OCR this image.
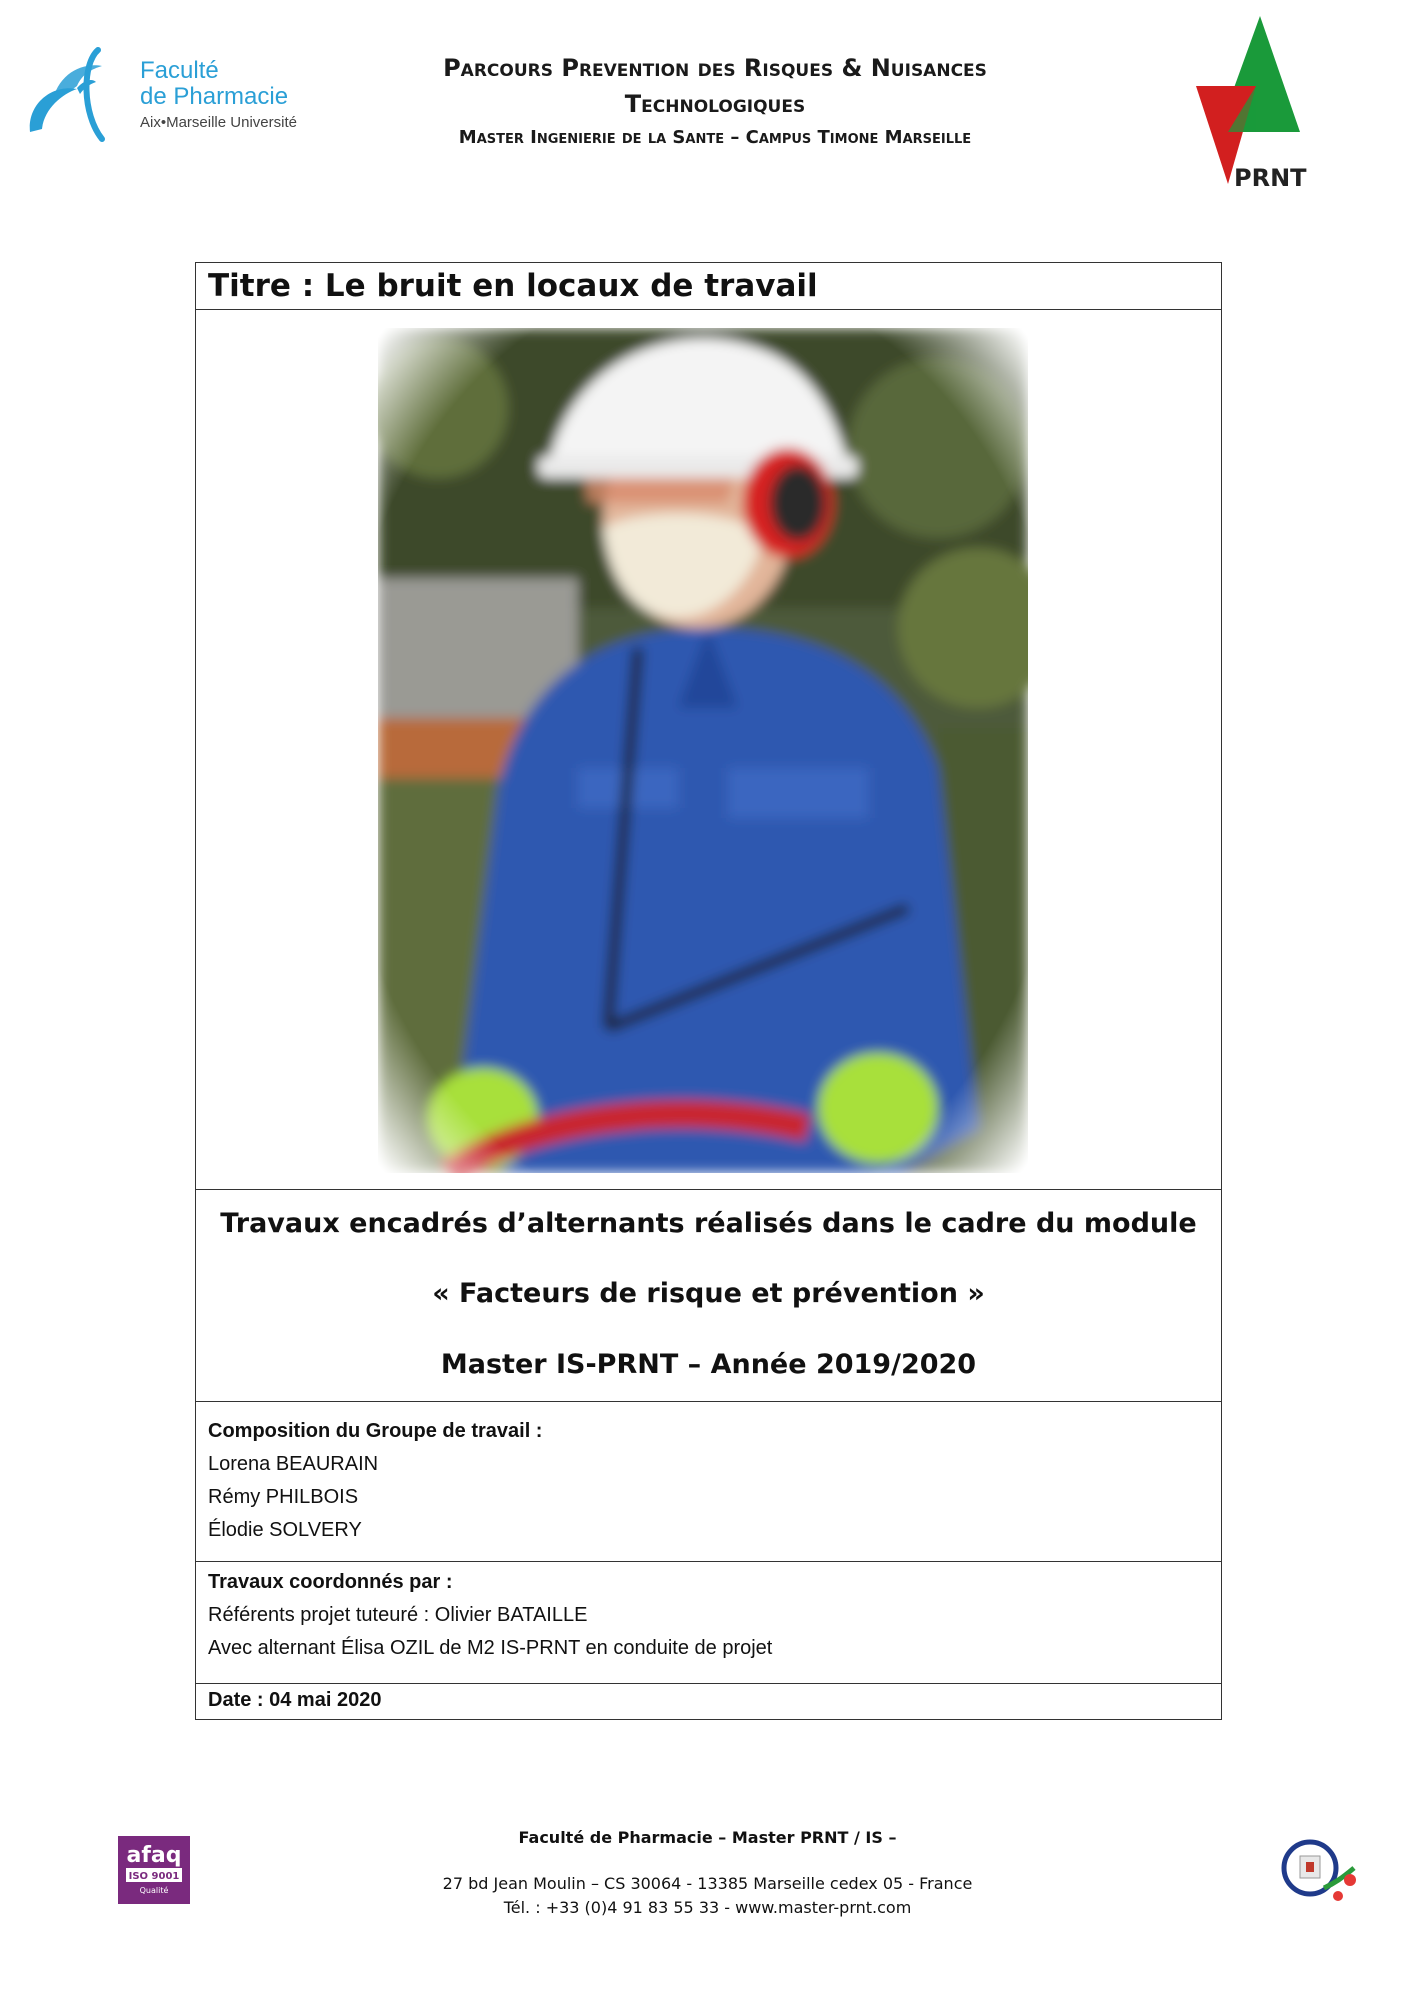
Faculté
de Pharmacie
Aix•Marseille Université
Parcours Prevention des Risques & Nuisances
Technologiques
Master Ingenierie de la Sante – Campus Timone Marseille
PRNT
Titre : Le bruit en locaux de travail
Travaux encadrés d’alternants réalisés dans le cadre du module
« Facteurs de risque et prévention »
Master IS-PRNT – Année 2019/2020
Composition du Groupe de travail :
Lorena BEAURAIN
Rémy PHILBOIS
Élodie SOLVERY
Travaux coordonnés par :
Référents projet tuteuré : Olivier BATAILLE
Avec alternant Élisa OZIL de M2 IS-PRNT en conduite de projet
Date : 04 mai 2020
afaq
ISO 9001
Qualité
Faculté de Pharmacie – Master PRNT / IS –
27 bd Jean Moulin – CS 30064 - 13385 Marseille cedex 05 - France
Tél. : +33 (0)4 91 83 55 33 - www.master-prnt.com
